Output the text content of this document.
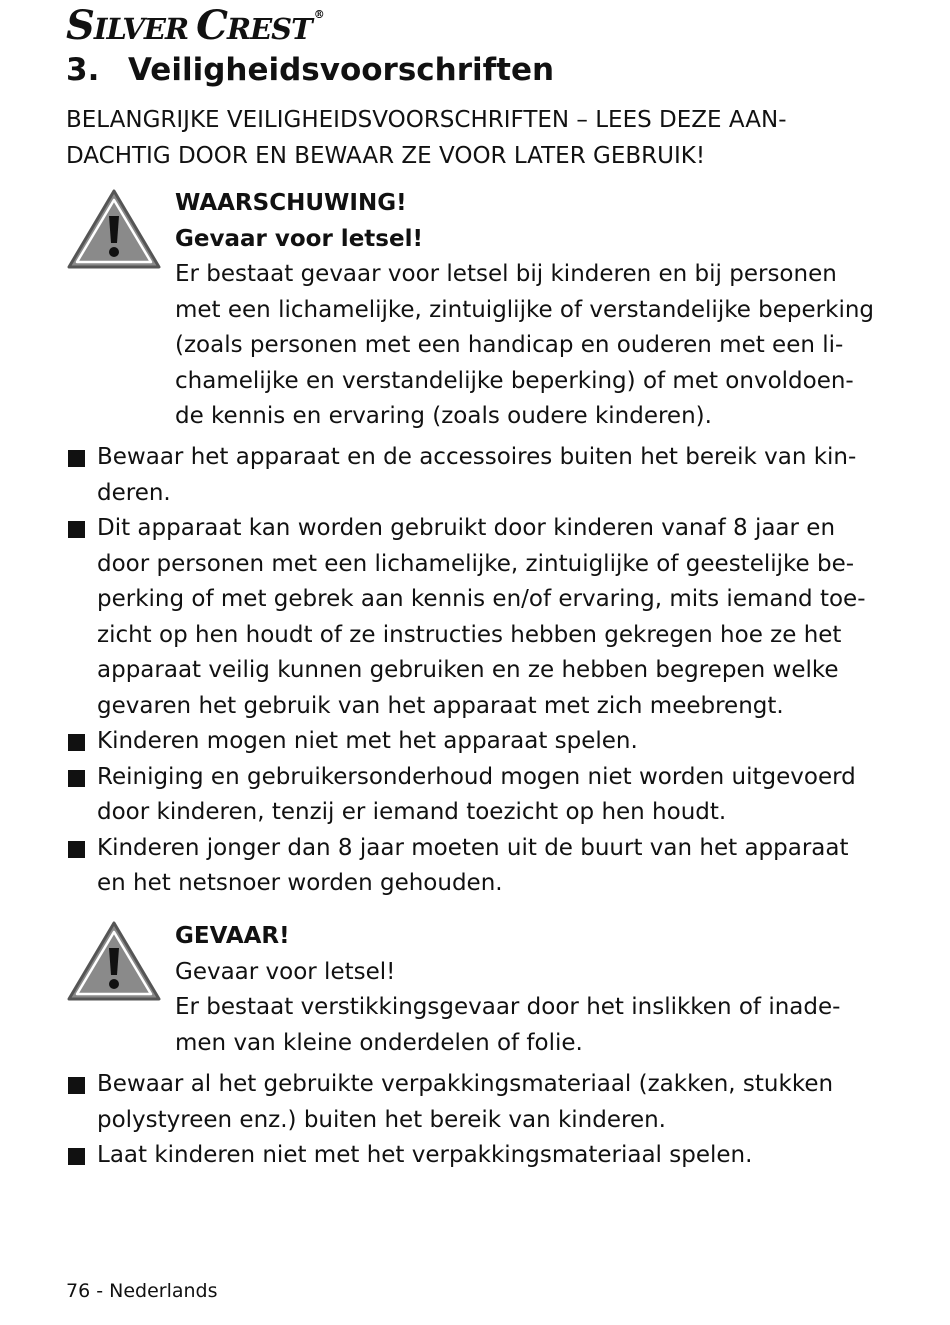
SILVER CREST ®
3. Veiligheidsvoorschriften
BELANGRIJKE VEILIGHEIDSVOORSCHRIFTEN – LEES DEZE AAN-
DACHTIG DOOR EN BEWAAR ZE VOOR LATER GEBRUIK!
WAARSCHUWING!
Gevaar voor letsel!
Er bestaat gevaar voor letsel bij kinderen en bij personen
met een lichamelijke, zintuiglijke of verstandelijke beperking
(zoals personen met een handicap en ouderen met een li-
chamelijke en verstandelijke beperking) of met onvoldoen-
de kennis en ervaring (zoals oudere kinderen).
Bewaar het apparaat en de accessoires buiten het bereik van kin-
deren.
Dit apparaat kan worden gebruikt door kinderen vanaf 8 jaar en
door personen met een lichamelijke, zintuiglijke of geestelijke be-
perking of met gebrek aan kennis en/of ervaring, mits iemand toe-
zicht op hen houdt of ze instructies hebben gekregen hoe ze het
apparaat veilig kunnen gebruiken en ze hebben begrepen welke
gevaren het gebruik van het apparaat met zich meebrengt.
Kinderen mogen niet met het apparaat spelen.
Reiniging en gebruikersonderhoud mogen niet worden uitgevoerd
door kinderen, tenzij er iemand toezicht op hen houdt.
Kinderen jonger dan 8 jaar moeten uit de buurt van het apparaat
en het netsnoer worden gehouden.
GEVAAR!
Gevaar voor letsel!
Er bestaat verstikkingsgevaar door het inslikken of inade-
men van kleine onderdelen of folie.
Bewaar al het gebruikte verpakkingsmateriaal (zakken, stukken
polystyreen enz.) buiten het bereik van kinderen.
Laat kinderen niet met het verpakkingsmateriaal spelen.
76 - Nederlands
